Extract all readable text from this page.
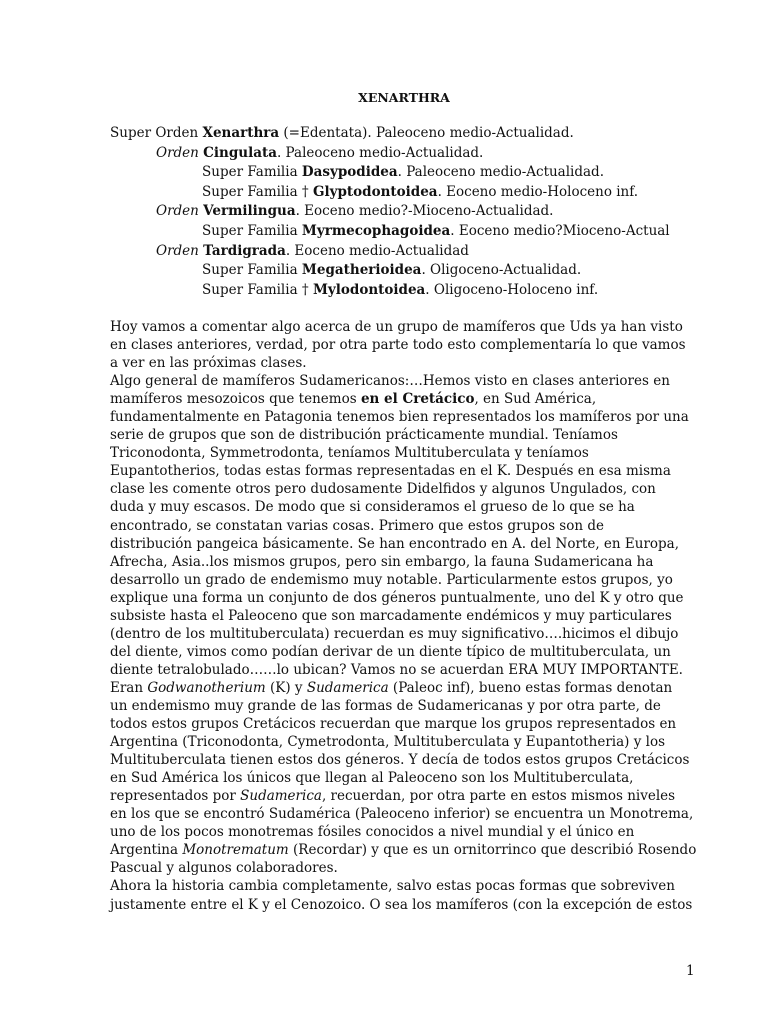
XENARTHRA
Super Orden Xenarthra (=Edentata). Paleoceno medio-Actualidad.
Orden Cingulata. Paleoceno medio-Actualidad.
Super Familia Dasypodidea. Paleoceno medio-Actualidad.
Super Familia † Glyptodontoidea. Eoceno medio-Holoceno inf.
Orden Vermilingua. Eoceno medio?-Mioceno-Actualidad.
Super Familia Myrmecophagoidea. Eoceno medio?Mioceno-Actual
Orden Tardigrada. Eoceno medio-Actualidad
Super Familia Megatherioidea. Oligoceno-Actualidad.
Super Familia † Mylodontoidea. Oligoceno-Holoceno inf.

Hoy vamos a comentar algo acerca de un grupo de mamíferos que Uds ya han visto
en clases anteriores, verdad, por otra parte todo esto complementaría lo que vamos
a ver en las próximas clases.

Algo general de mamíferos Sudamericanos:…Hemos visto en clases anteriores en
mamíferos mesozoicos que tenemos en el Cretácico, en Sud América,
fundamentalmente en Patagonia tenemos bien representados los mamíferos por una
serie de grupos que son de distribución prácticamente mundial. Teníamos
Triconodonta, Symmetrodonta, teníamos Multituberculata y teníamos
Eupantotherios, todas estas formas representadas en el K. Después en esa misma
clase les comente otros pero dudosamente Didelfidos y algunos Ungulados, con
duda y muy escasos. De modo que si consideramos el grueso de lo que se ha
encontrado, se constatan varias cosas. Primero que estos grupos son de
distribución pangeica básicamente. Se han encontrado en A. del Norte, en Europa,
Afrecha, Asia..los mismos grupos, pero sin embargo, la fauna Sudamericana ha
desarrollo un grado de endemismo muy notable. Particularmente estos grupos, yo
explique una forma un conjunto de dos géneros puntualmente, uno del K y otro que
subsiste hasta el Paleoceno que son marcadamente endémicos y muy particulares
(dentro de los multituberculata) recuerdan es muy significativo….hicimos el dibujo
del diente, vimos como podían derivar de un diente típico de multituberculata, un
diente tetralobulado……lo ubican? Vamos no se acuerdan ERA MUY IMPORTANTE.
Eran Godwanotherium (K) y Sudamerica (Paleoc inf), bueno estas formas denotan
un endemismo muy grande de las formas de Sudamericanas y por otra parte, de
todos estos grupos Cretácicos recuerdan que marque los grupos representados en
Argentina (Triconodonta, Cymetrodonta, Multituberculata y Eupantotheria) y los
Multituberculata tienen estos dos géneros. Y decía de todos estos grupos Cretácicos
en Sud América los únicos que llegan al Paleoceno son los Multituberculata,
representados por Sudamerica, recuerdan, por otra parte en estos mismos niveles
en los que se encontró Sudamérica (Paleoceno inferior) se encuentra un Monotrema,
uno de los pocos monotremas fósiles conocidos a nivel mundial y el único en
Argentina Monotrematum (Recordar) y que es un ornitorrinco que describió Rosendo
Pascual y algunos colaboradores.

Ahora la historia cambia completamente, salvo estas pocas formas que sobreviven
justamente entre el K y el Cenozoico. O sea los mamíferos (con la excepción de estos

1
